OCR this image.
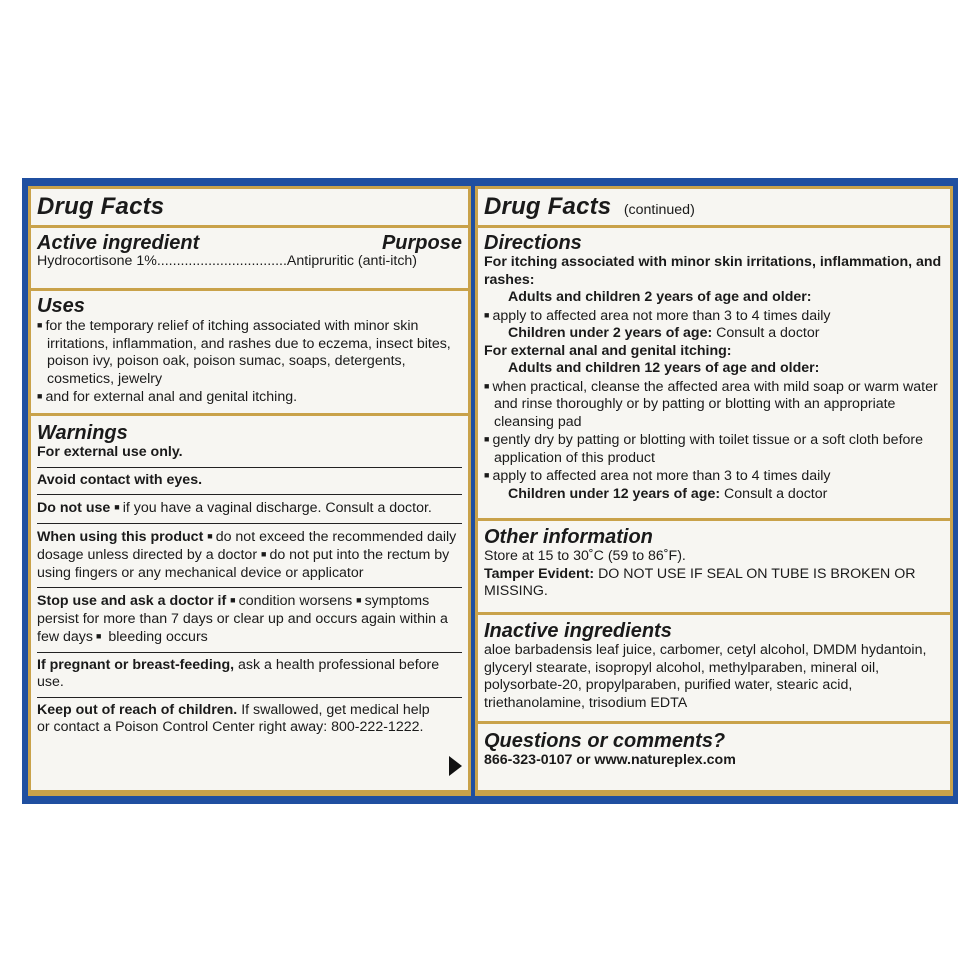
Drug Facts
Active ingredient	Purpose
Hydrocortisone 1%.................................Antipruritic (anti-itch)
Uses
■ for the temporary relief of itching associated with minor skin irritations, inflammation, and rashes due to eczema, insect bites, poison ivy, poison oak, poison sumac, soaps, detergents, cosmetics, jewelry
■ and for external anal and genital itching.
Warnings
For external use only.
Avoid contact with eyes.
Do not use ■ if you have a vaginal discharge. Consult a doctor.
When using this product ■ do not exceed the recommended daily dosage unless directed by a doctor ■ do not put into the rectum by using fingers or any mechanical device or applicator
Stop use and ask a doctor if ■ condition worsens ■ symptoms persist for more than 7 days or clear up and occurs again within a few days ■ bleeding occurs
If pregnant or breast-feeding, ask a health professional before use.
Keep out of reach of children. If swallowed, get medical help or contact a Poison Control Center right away: 800-222-1222.
Drug Facts (continued)
Directions
For itching associated with minor skin irritations, inflammation, and rashes:
Adults and children 2 years of age and older:
■ apply to affected area not more than 3 to 4 times daily
Children under 2 years of age: Consult a doctor
For external anal and genital itching:
Adults and children 12 years of age and older:
■ when practical, cleanse the affected area with mild soap or warm water and rinse thoroughly or by patting or blotting with an appropriate cleansing pad
■ gently dry by patting or blotting with toilet tissue or a soft cloth before application of this product
■ apply to affected area not more than 3 to 4 times daily
Children under 12 years of age: Consult a doctor
Other information
Store at 15 to 30˚C (59 to 86˚F).
Tamper Evident: DO NOT USE IF SEAL ON TUBE IS BROKEN OR MISSING.
Inactive ingredients
aloe barbadensis leaf juice, carbomer, cetyl alcohol, DMDM hydantoin, glyceryl stearate, isopropyl alcohol, methylparaben, mineral oil, polysorbate-20, propylparaben, purified water, stearic acid, triethanolamine, trisodium EDTA
Questions or comments?
866-323-0107 or www.natureplex.com
